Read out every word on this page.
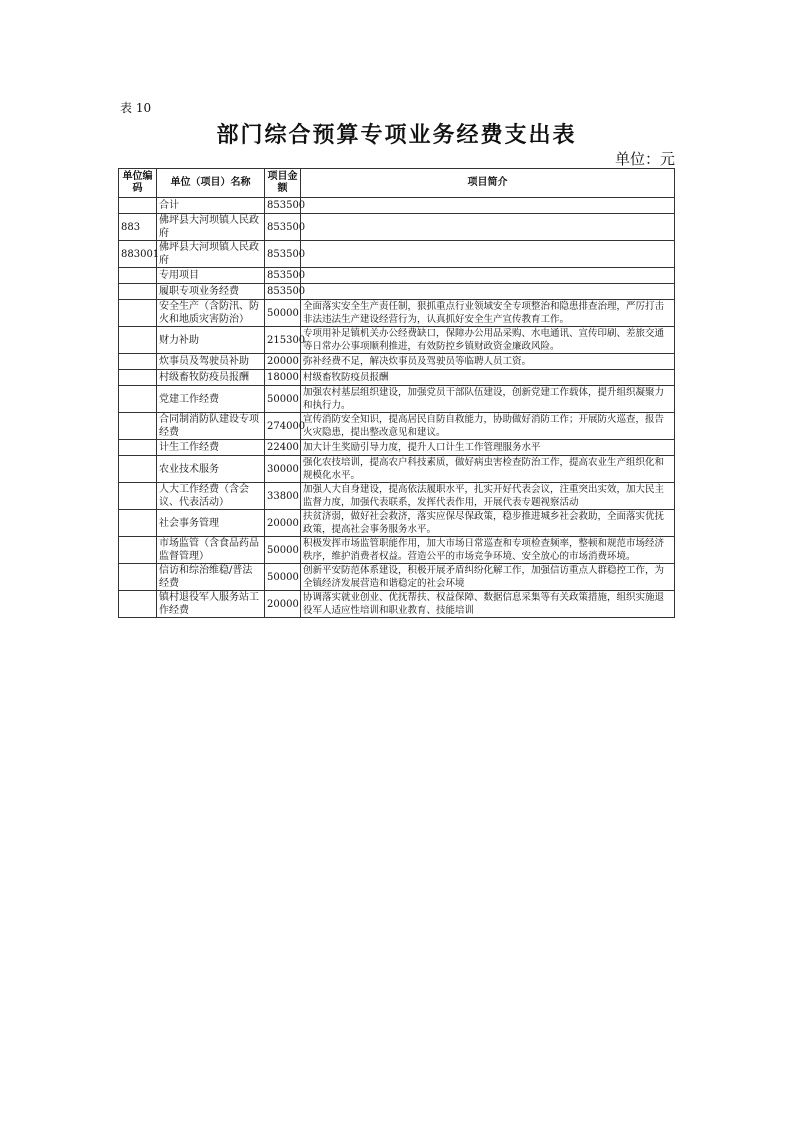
表 10
部门综合预算专项业务经费支出表
单位：元
单位编码	单位（项目）名称	项目金额	项目简介
	合计	853500	
883	佛坪县大河坝镇人民政府	853500	
883001	佛坪县大河坝镇人民政府	853500	
	专用项目	853500	
	履职专项业务经费	853500	
	安全生产（含防汛、防火和地质灾害防治）	50000	全面落实安全生产责任制，狠抓重点行业领域安全专项整治和隐患排查治理，严厉打击非法违法生产建设经营行为，认真抓好安全生产宣传教育工作。
	财力补助	215300	专项用补足镇机关办公经费缺口，保障办公用品采购、水电通讯、宣传印刷、差旅交通等日常办公事项顺利推进，有效防控乡镇财政资金廉政风险。
	炊事员及驾驶员补助	20000	弥补经费不足，解决炊事员及驾驶员等临聘人员工资。
	村级畜牧防疫员报酬	18000	村级畜牧防疫员报酬
	党建工作经费	50000	加强农村基层组织建设，加强党员干部队伍建设，创新党建工作载体，提升组织凝聚力和执行力。
	合同制消防队建设专项经费	274000	宣传消防安全知识，提高居民自防自救能力，协助做好消防工作；开展防火巡查，报告火灾隐患，提出整改意见和建议。
	计生工作经费	22400	加大计生奖励引导力度，提升人口计生工作管理服务水平
	农业技术服务	30000	强化农技培训，提高农户科技素质，做好病虫害检查防治工作，提高农业生产组织化和规模化水平。
	人大工作经费（含会议、代表活动）	33800	加强人大自身建设，提高依法履职水平，扎实开好代表会议，注重突出实效，加大民主监督力度，加强代表联系，发挥代表作用，开展代表专题视察活动
	社会事务管理	20000	扶贫济弱，做好社会救济，落实应保尽保政策，稳步推进城乡社会救助，全面落实优抚政策，提高社会事务服务水平。
	市场监管（含食品药品监督管理）	50000	积极发挥市场监管职能作用，加大市场日常巡查和专项检查频率，整顿和规范市场经济秩序，维护消费者权益。营造公平的市场竞争环境、安全放心的市场消费环境。
	信访和综治维稳/普法经费	50000	创新平安防范体系建设，积极开展矛盾纠纷化解工作，加强信访重点人群稳控工作，为全镇经济发展营造和谐稳定的社会环境
	镇村退役军人服务站工作经费	20000	协调落实就业创业、优抚帮扶、权益保障、数据信息采集等有关政策措施，组织实施退役军人适应性培训和职业教育、技能培训
